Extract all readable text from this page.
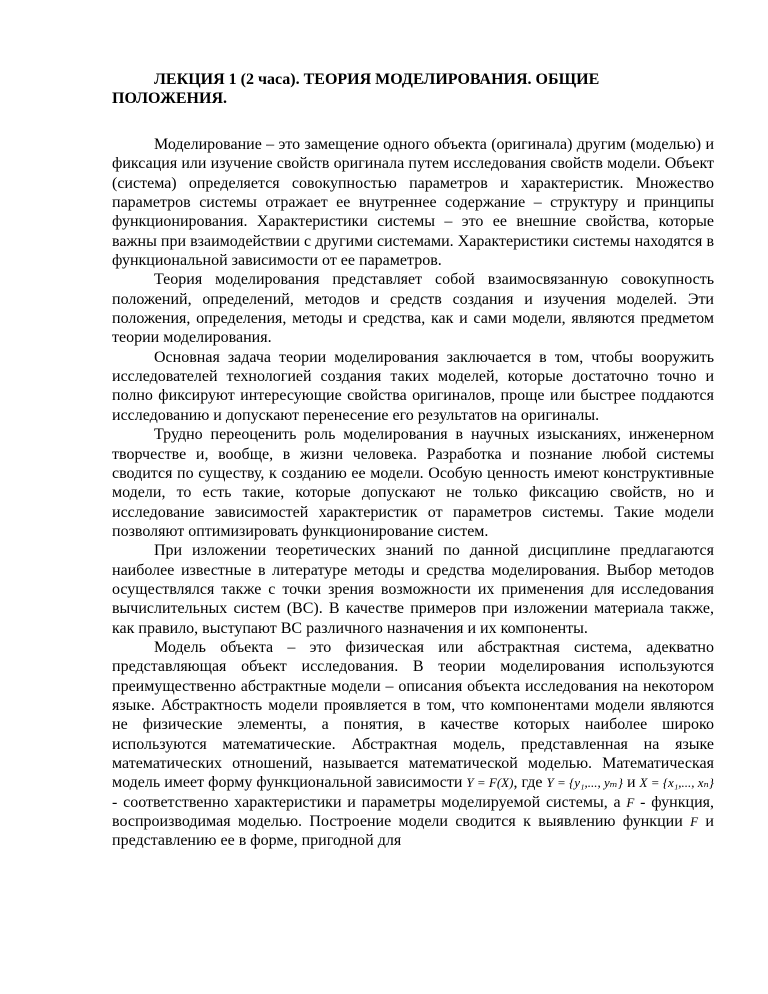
ЛЕКЦИЯ 1 (2 часа). ТЕОРИЯ МОДЕЛИРОВАНИЯ. ОБЩИЕ ПОЛОЖЕНИЯ.

Моделирование – это замещение одного объекта (оригинала) другим (моделью) и фиксация или изучение свойств оригинала путем исследования свойств модели. Объект (система) определяется совокупностью параметров и характеристик. Множество параметров системы отражает ее внутреннее содержание – структуру и принципы функционирования. Характеристики системы – это ее внешние свойства, которые важны при взаимодействии с другими системами. Характеристики системы находятся в функциональной зависимости от ее параметров.

Теория моделирования представляет собой взаимосвязанную совокупность положений, определений, методов и средств создания и изучения моделей. Эти положения, определения, методы и средства, как и сами модели, являются предметом теории моделирования.

Основная задача теории моделирования заключается в том, чтобы вооружить исследователей технологией создания таких моделей, которые достаточно точно и полно фиксируют интересующие свойства оригиналов, проще или быстрее поддаются исследованию и допускают перенесение его результатов на оригиналы.

Трудно переоценить роль моделирования в научных изысканиях, инженерном творчестве и, вообще, в жизни человека. Разработка и познание любой системы сводится по существу, к созданию ее модели. Особую ценность имеют конструктивные модели, то есть такие, которые допускают не только фиксацию свойств, но и исследование зависимостей характеристик от параметров системы. Такие модели позволяют оптимизировать функционирование систем.

При изложении теоретических знаний по данной дисциплине предлагаются наиболее известные в литературе методы и средства моделирования. Выбор методов осуществлялся также с точки зрения возможности их применения для исследования вычислительных систем (ВС). В качестве примеров при изложении материала также, как правило, выступают ВС различного назначения и их компоненты.

Модель объекта – это физическая или абстрактная система, адекватно представляющая объект исследования. В теории моделирования используются преимущественно абстрактные модели – описания объекта исследования на некотором языке. Абстрактность модели проявляется в том, что компонентами модели являются не физические элементы, а понятия, в качестве которых наиболее широко используются математические. Абстрактная модель, представленная на языке математических отношений, называется математической моделью. Математическая модель имеет форму функциональной зависимости Y = F(X), где Y = {y₁,..., yₘ} и X = {x₁,..., xₙ} - соответственно характеристики и параметры моделируемой системы, а F - функция, воспроизводимая моделью. Построение модели сводится к выявлению функции F и представлению ее в форме, пригодной для
